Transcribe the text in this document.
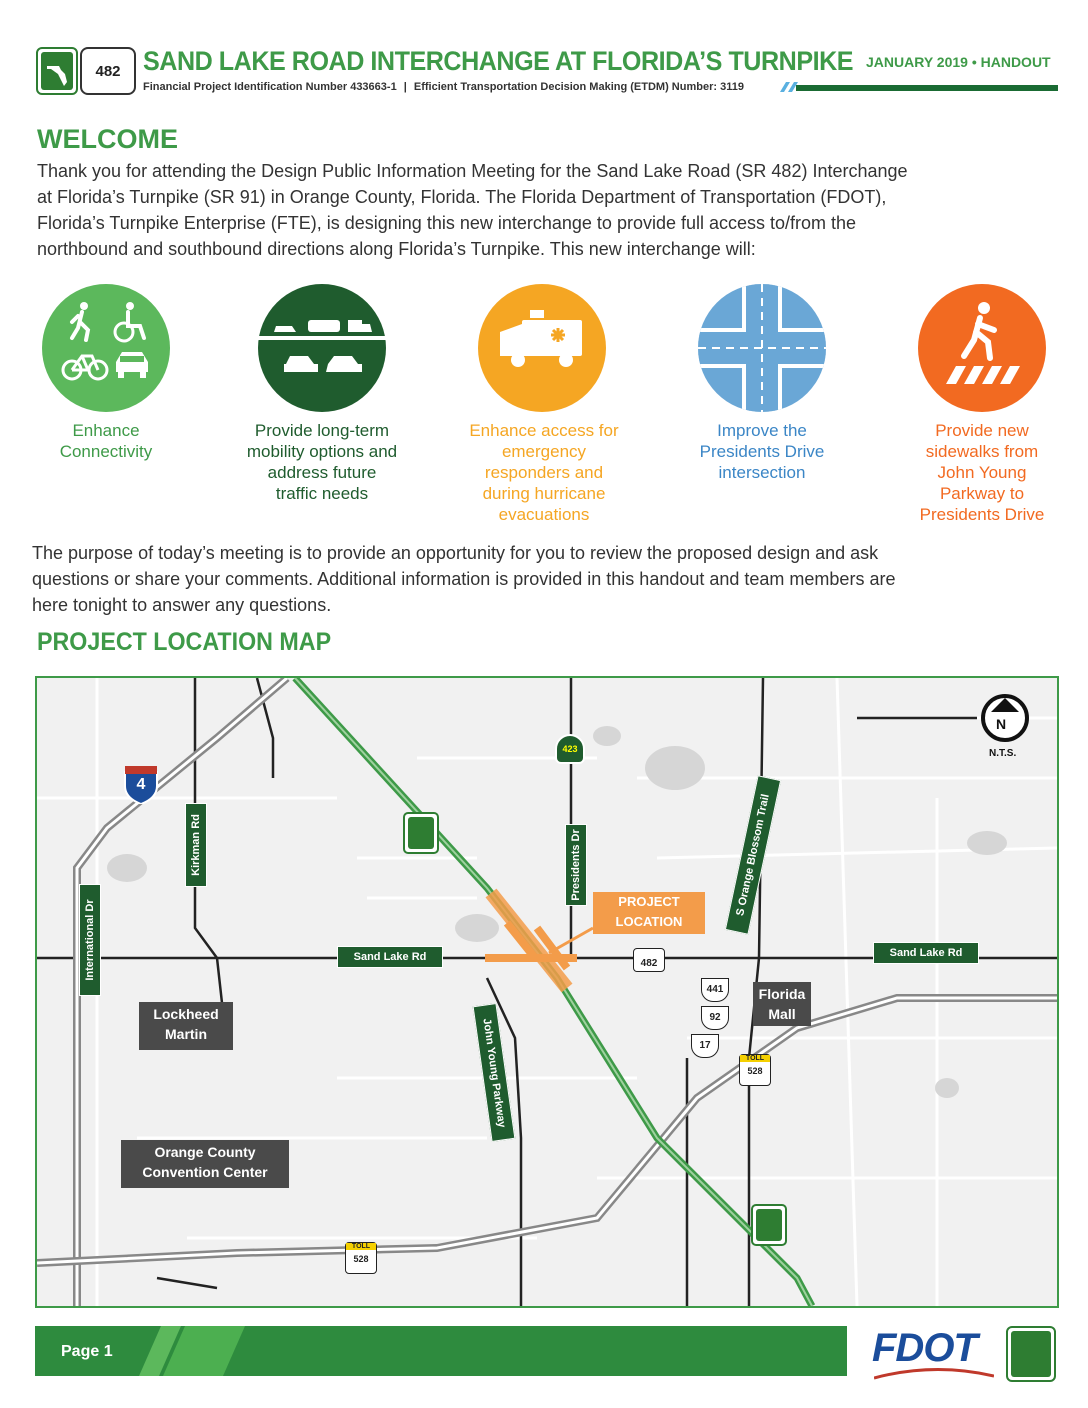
482 SAND LAKE ROAD INTERCHANGE AT FLORIDA’S TURNPIKE JANUARY 2019 • HANDOUT
Financial Project Identification Number 433663-1 | Efficient Transportation Decision Making (ETDM) Number: 3119
WELCOME
Thank you for attending the Design Public Information Meeting for the Sand Lake Road (SR 482) Interchange
at Florida’s Turnpike (SR 91) in Orange County, Florida. The Florida Department of Transportation (FDOT),
Florida’s Turnpike Enterprise (FTE), is designing this new interchange to provide full access to/from the
northbound and southbound directions along Florida’s Turnpike. This new interchange will:
Enhance
Connectivity
Provide long-term
mobility options and
address future
traffic needs
Enhance access for
emergency
responders and
during hurricane
evacuations
Improve the
Presidents Drive
intersection
Provide new
sidewalks from
John Young
Parkway to
Presidents Drive
The purpose of today’s meeting is to provide an opportunity for you to review the proposed design and ask
questions or share your comments. Additional information is provided in this handout and team members are
here tonight to answer any questions.
PROJECT LOCATION MAP
N
N.T.S.
International Dr
Kirkman Rd	Presidents Dr
John Young Parkway
S Orange Blossom Trail
Sand Lake Rd	Sand Lake Rd
PROJECT
LOCATION
Lockheed
Martin
Orange County
Convention Center
Florida
Mall
4
423
482
441
92
17
TOLL
528
TOLL
528
Page 1	FDOT
